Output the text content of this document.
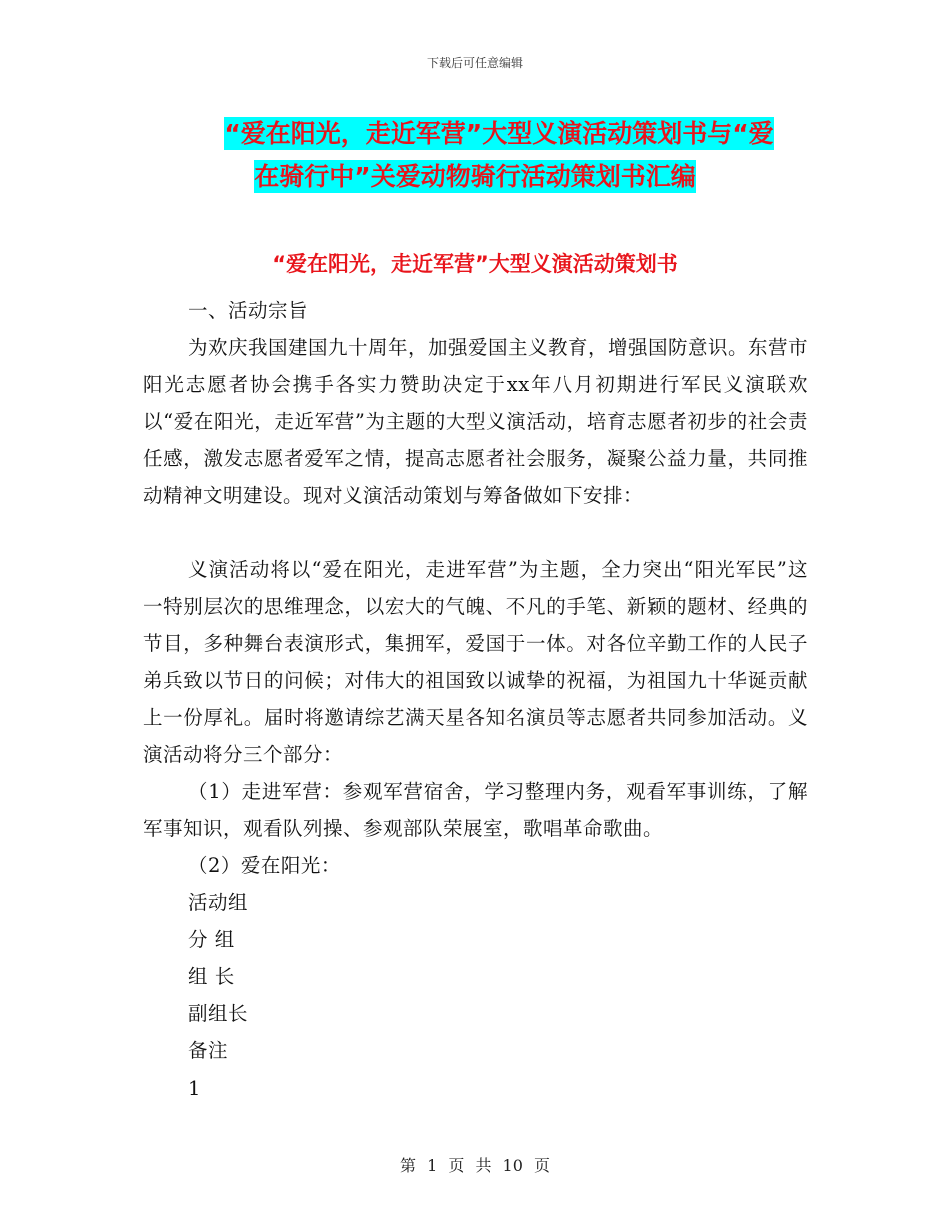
下载后可任意编辑
“爱在阳光，走近军营”大型义演活动策划书与“爱
在骑行中”关爱动物骑行活动策划书汇编
“爱在阳光，走近军营”大型义演活动策划书
一、活动宗旨
为欢庆我国建国九十周年，加强爱国主义教育，增强国防意识。东营市阳光志愿者协会携手各实力赞助决定于xx年八月初期进行军民义演联欢以“爱在阳光，走近军营”为主题的大型义演活动，培育志愿者初步的社会责任感，激发志愿者爱军之情，提高志愿者社会服务，凝聚公益力量，共同推动精神文明建设。现对义演活动策划与筹备做如下安排：
义演活动将以“爱在阳光，走进军营”为主题，全力突出“阳光军民”这一特别层次的思维理念，以宏大的气魄、不凡的手笔、新颖的题材、经典的节目，多种舞台表演形式，集拥军，爱国于一体。对各位辛勤工作的人民子弟兵致以节日的问候；对伟大的祖国致以诚挚的祝福，为祖国九十华诞贡献上一份厚礼。届时将邀请综艺满天星各知名演员等志愿者共同参加活动。义演活动将分三个部分：
（1）走进军营：参观军营宿舍，学习整理内务，观看军事训练，了解军事知识，观看队列操、参观部队荣展室，歌唱革命歌曲。
（2）爱在阳光：
活动组
分 组
组 长
副组长
备注
1
第 1 页 共 10 页
